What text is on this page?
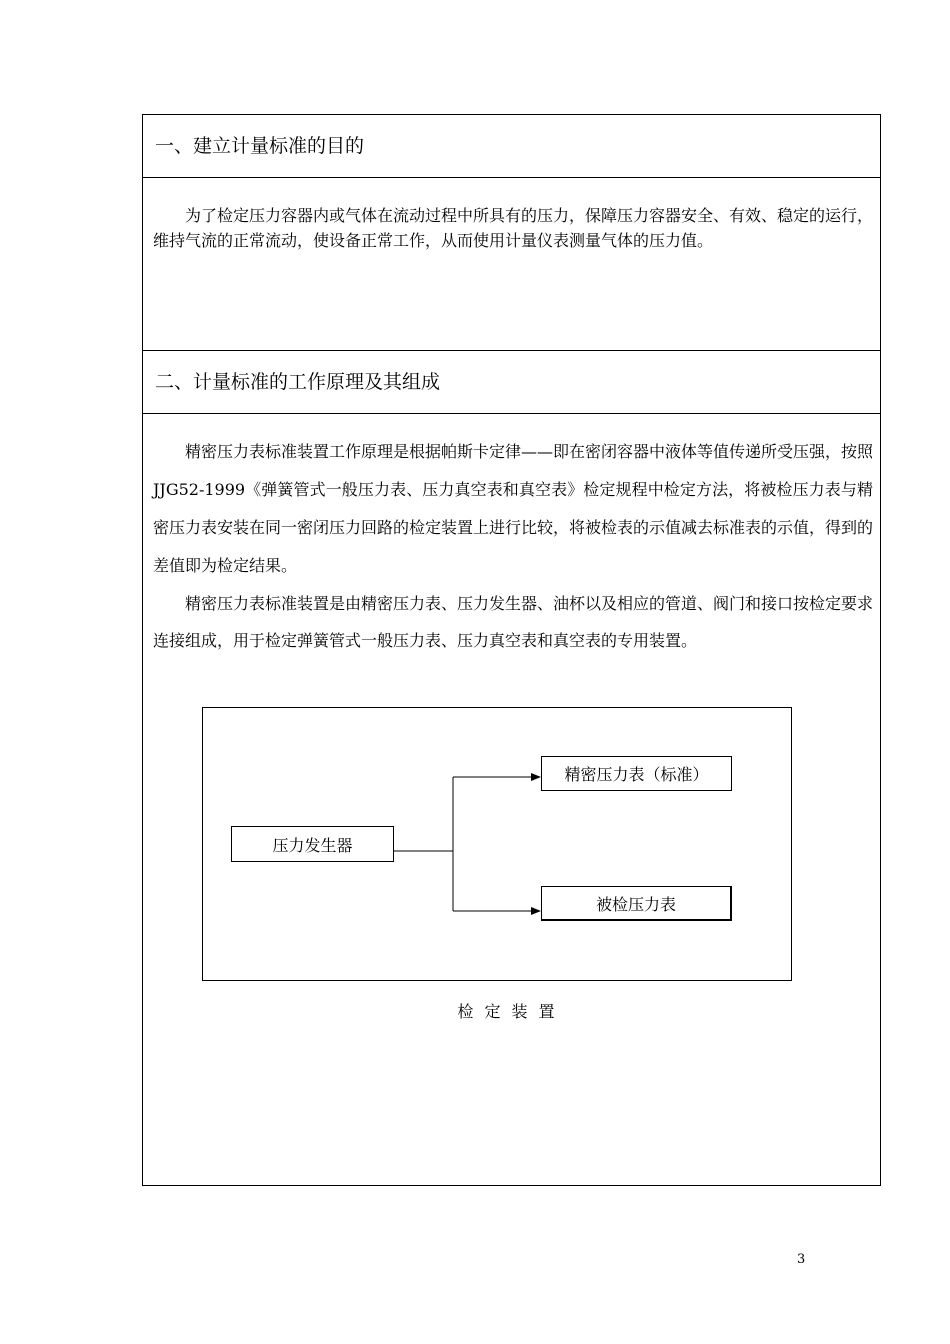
一、建立计量标准的目的

为了检定压力容器内或气体在流动过程中所具有的压力，保障压力容器安全、有效、稳定的运行，维持气流的正常流动，使设备正常工作，从而使用计量仪表测量气体的压力值。

二、计量标准的工作原理及其组成

精密压力表标准装置工作原理是根据帕斯卡定律——即在密闭容器中液体等值传递所受压强，按照 JJG52-1999《弹簧管式一般压力表、压力真空表和真空表》检定规程中检定方法，将被检压力表与精密压力表安装在同一密闭压力回路的检定装置上进行比较，将被检表的示值减去标准表的示值，得到的差值即为检定结果。

精密压力表标准装置是由精密压力表、压力发生器、油杯以及相应的管道、阀门和接口按检定要求连接组成，用于检定弹簧管式一般压力表、压力真空表和真空表的专用装置。

压力发生器
精密压力表（标准）
被检压力表
检定装置
3
